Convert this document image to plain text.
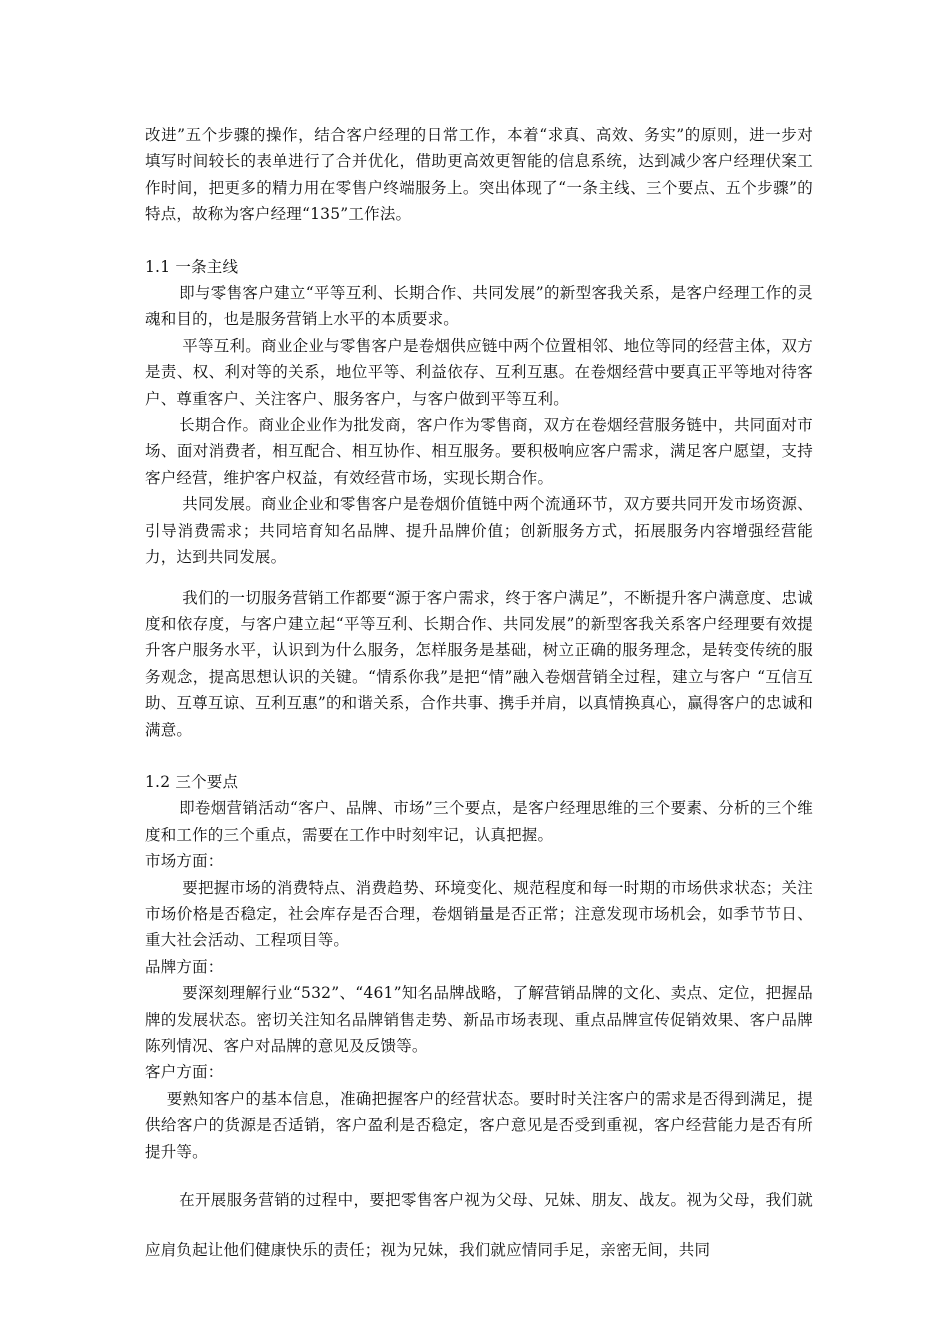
改进”五个步骤的操作，结合客户经理的日常工作，本着“求真、高效、务实”的原则，进一步对填写时间较长的表单进行了合并优化，借助更高效更智能的信息系统，达到减少客户经理伏案工作时间，把更多的精力用在零售户终端服务上。突出体现了“一条主线、三个要点、五个步骤”的特点，故称为客户经理“135”工作法。

1.1 一条主线

即与零售客户建立“平等互利、长期合作、共同发展”的新型客我关系，是客户经理工作的灵魂和目的，也是服务营销上水平的本质要求。

平等互利。商业企业与零售客户是卷烟供应链中两个位置相邻、地位等同的经营主体，双方是责、权、利对等的关系，地位平等、利益依存、互利互惠。在卷烟经营中要真正平等地对待客户、尊重客户、关注客户、服务客户，与客户做到平等互利。

长期合作。商业企业作为批发商，客户作为零售商，双方在卷烟经营服务链中，共同面对市场、面对消费者，相互配合、相互协作、相互服务。要积极响应客户需求，满足客户愿望，支持客户经营，维护客户权益，有效经营市场，实现长期合作。

共同发展。商业企业和零售客户是卷烟价值链中两个流通环节，双方要共同开发市场资源、引导消费需求；共同培育知名品牌、提升品牌价值；创新服务方式，拓展服务内容增强经营能力，达到共同发展。

我们的一切服务营销工作都要“源于客户需求，终于客户满足”，不断提升客户满意度、忠诚度和依存度，与客户建立起“平等互利、长期合作、共同发展”的新型客我关系客户经理要有效提升客户服务水平，认识到为什么服务，怎样服务是基础，树立正确的服务理念，是转变传统的服务观念，提高思想认识的关键。“情系你我”是把“情”融入卷烟营销全过程，建立与客户 “互信互助、互尊互谅、互利互惠”的和谐关系，合作共事、携手并肩，以真情换真心，赢得客户的忠诚和满意。

1.2 三个要点

即卷烟营销活动“客户、品牌、市场”三个要点，是客户经理思维的三个要素、分析的三个维度和工作的三个重点，需要在工作中时刻牢记，认真把握。

市场方面：

要把握市场的消费特点、消费趋势、环境变化、规范程度和每一时期的市场供求状态；关注市场价格是否稳定，社会库存是否合理，卷烟销量是否正常；注意发现市场机会，如季节节日、重大社会活动、工程项目等。

品牌方面：

要深刻理解行业“532”、“461”知名品牌战略，了解营销品牌的文化、卖点、定位，把握品牌的发展状态。密切关注知名品牌销售走势、新品市场表现、重点品牌宣传促销效果、客户品牌陈列情况、客户对品牌的意见及反馈等。

客户方面：

要熟知客户的基本信息，准确把握客户的经营状态。要时时关注客户的需求是否得到满足，提供给客户的货源是否适销，客户盈利是否稳定，客户意见是否受到重视，客户经营能力是否有所提升等。

在开展服务营销的过程中，要把零售客户视为父母、兄妹、朋友、战友。视为父母，我们就应肩负起让他们健康快乐的责任；视为兄妹，我们就应情同手足，亲密无间，共同
